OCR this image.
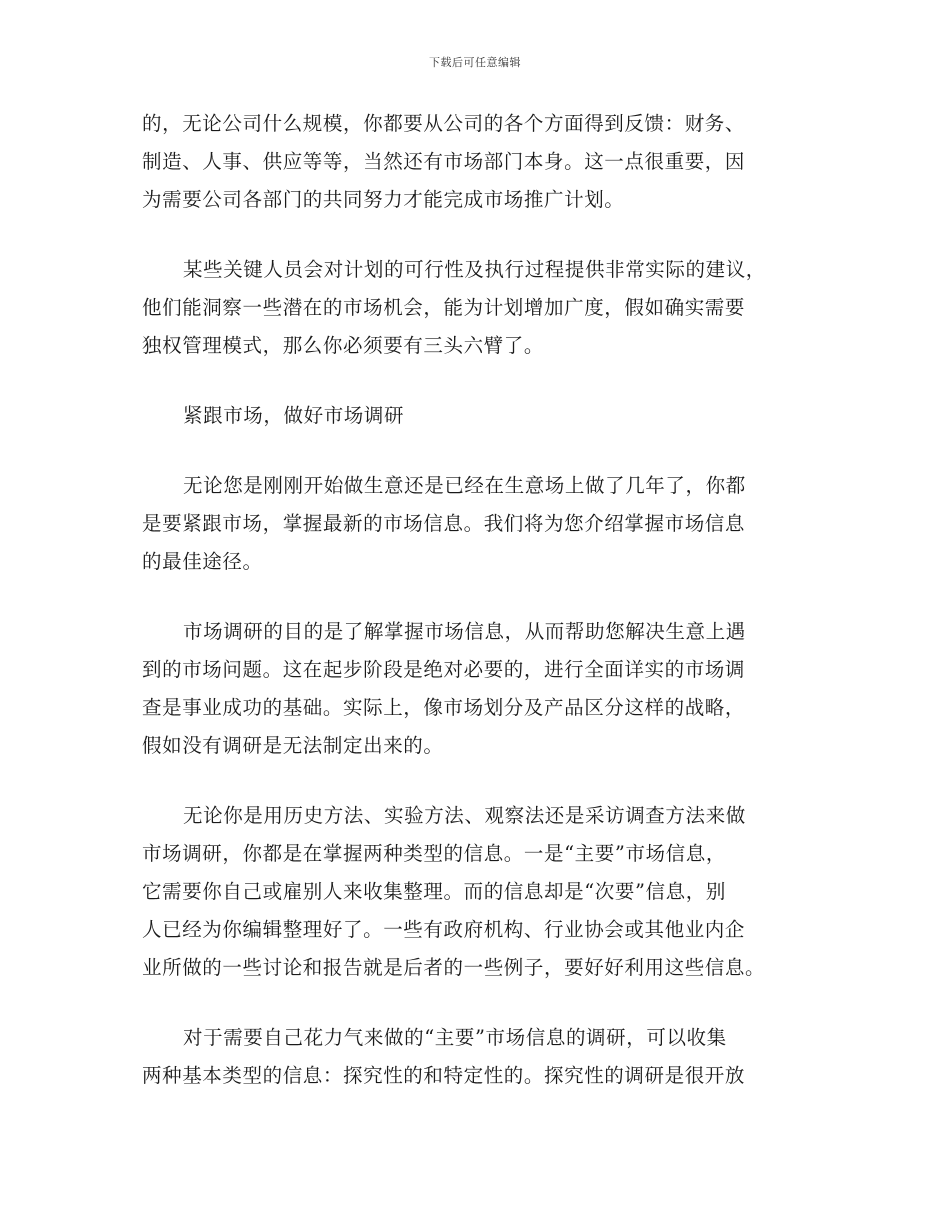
下载后可任意编辑

的，无论公司什么规模，你都要从公司的各个方面得到反馈：财务、
制造、人事、供应等等，当然还有市场部门本身。这一点很重要，因
为需要公司各部门的共同努力才能完成市场推广计划。

某些关键人员会对计划的可行性及执行过程提供非常实际的建议，
他们能洞察一些潜在的市场机会，能为计划增加广度，假如确实需要
独权管理模式，那么你必须要有三头六臂了。

紧跟市场，做好市场调研

无论您是刚刚开始做生意还是已经在生意场上做了几年了，你都
是要紧跟市场，掌握最新的市场信息。我们将为您介绍掌握市场信息
的最佳途径。

市场调研的目的是了解掌握市场信息，从而帮助您解决生意上遇
到的市场问题。这在起步阶段是绝对必要的，进行全面详实的市场调
查是事业成功的基础。实际上，像市场划分及产品区分这样的战略，
假如没有调研是无法制定出来的。

无论你是用历史方法、实验方法、观察法还是采访调查方法来做
市场调研，你都是在掌握两种类型的信息。一是“主要”市场信息，
它需要你自己或雇别人来收集整理。而的信息却是“次要”信息，别
人已经为你编辑整理好了。一些有政府机构、行业协会或其他业内企
业所做的一些讨论和报告就是后者的一些例子，要好好利用这些信息。

对于需要自己花力气来做的“主要”市场信息的调研，可以收集
两种基本类型的信息：探究性的和特定性的。探究性的调研是很开放
